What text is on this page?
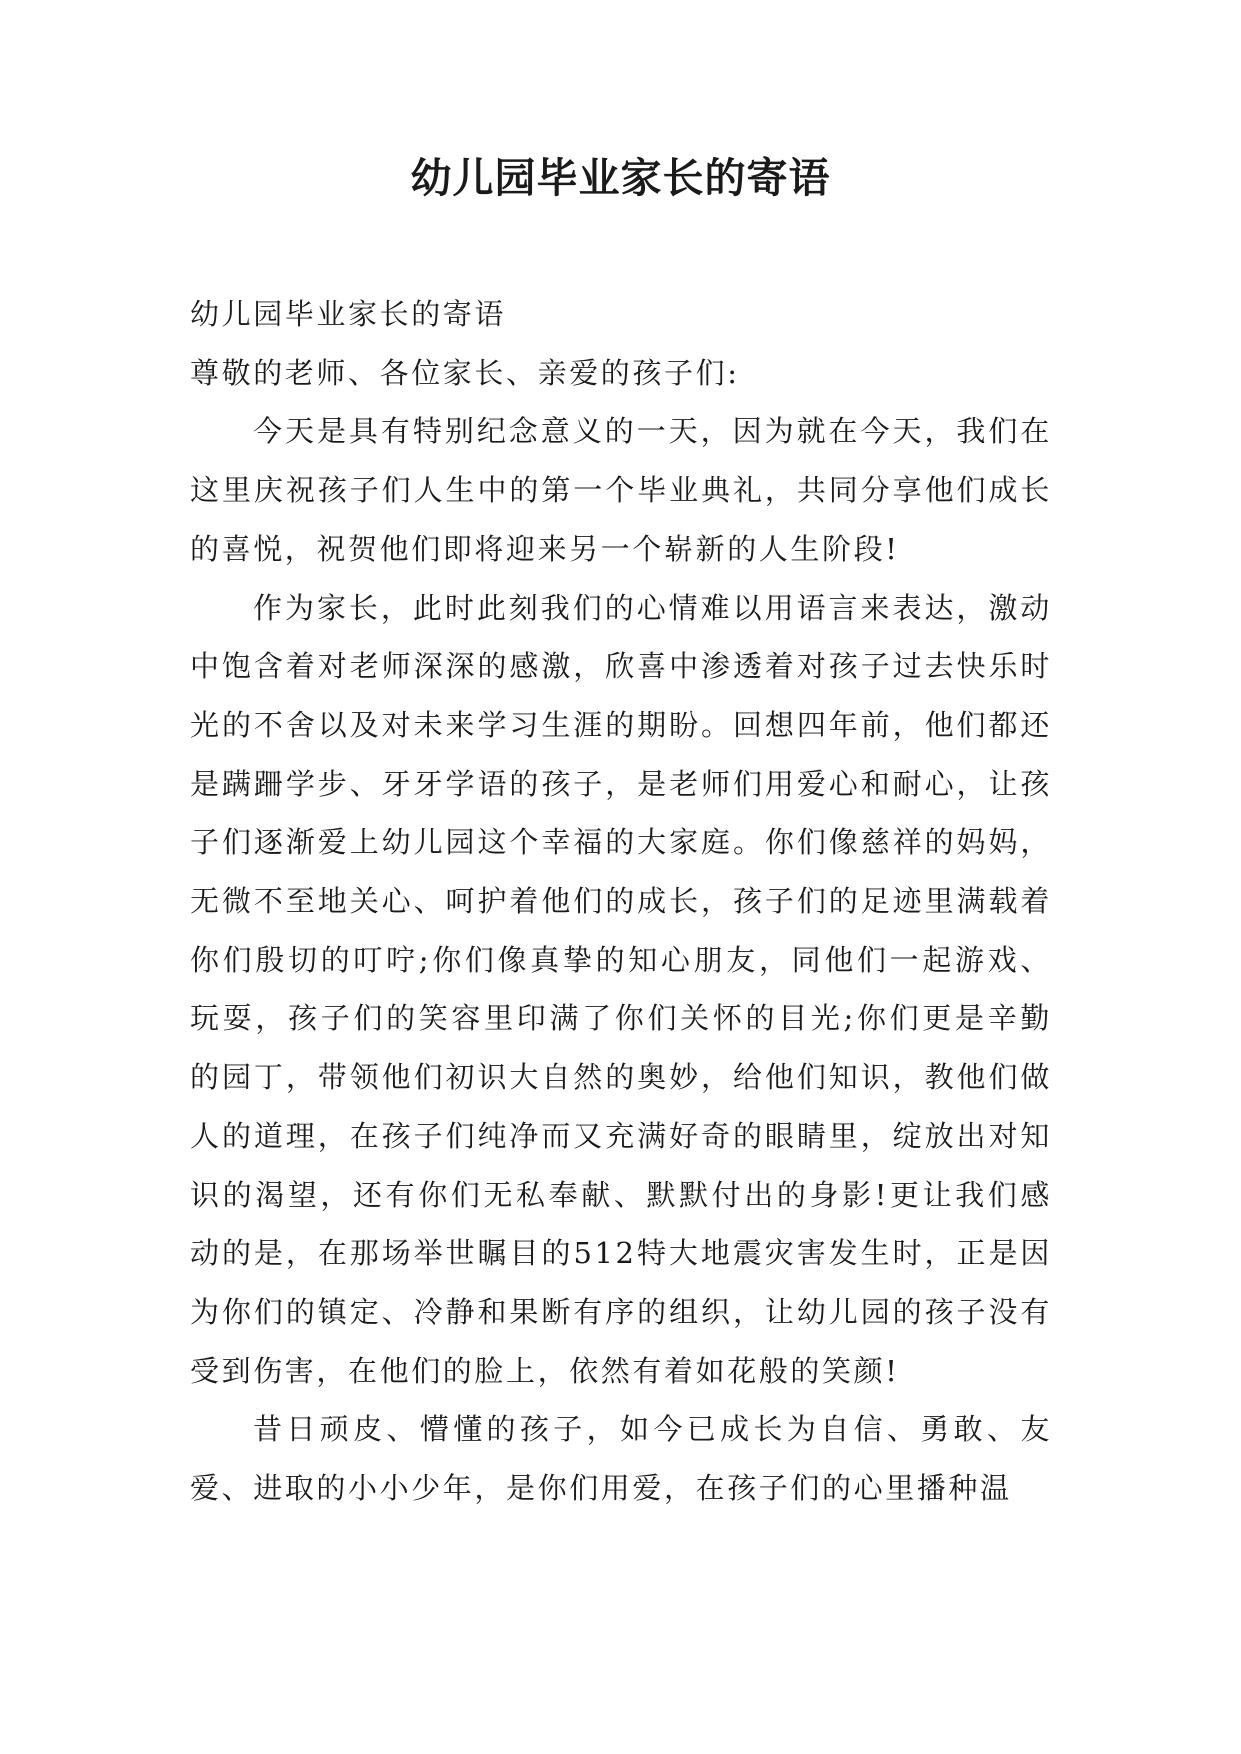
幼儿园毕业家长的寄语

幼儿园毕业家长的寄语

尊敬的老师、各位家长、亲爱的孩子们:

今天是具有特别纪念意义的一天，因为就在今天，我们在这里庆祝孩子们人生中的第一个毕业典礼，共同分享他们成长的喜悦，祝贺他们即将迎来另一个崭新的人生阶段!

作为家长，此时此刻我们的心情难以用语言来表达，激动中饱含着对老师深深的感激，欣喜中渗透着对孩子过去快乐时光的不舍以及对未来学习生涯的期盼。回想四年前，他们都还是蹒跚学步、牙牙学语的孩子，是老师们用爱心和耐心，让孩子们逐渐爱上幼儿园这个幸福的大家庭。你们像慈祥的妈妈，无微不至地关心、呵护着他们的成长，孩子们的足迹里满载着你们殷切的叮咛;你们像真挚的知心朋友，同他们一起游戏、玩耍，孩子们的笑容里印满了你们关怀的目光;你们更是辛勤的园丁，带领他们初识大自然的奥妙，给他们知识，教他们做人的道理，在孩子们纯净而又充满好奇的眼睛里，绽放出对知识的渴望，还有你们无私奉献、默默付出的身影!更让我们感动的是，在那场举世瞩目的512特大地震灾害发生时，正是因为你们的镇定、冷静和果断有序的组织，让幼儿园的孩子没有受到伤害，在他们的脸上，依然有着如花般的笑颜!

昔日顽皮、懵懂的孩子，如今已成长为自信、勇敢、友爱、进取的小小少年，是你们用爱，在孩子们的心里播种温
